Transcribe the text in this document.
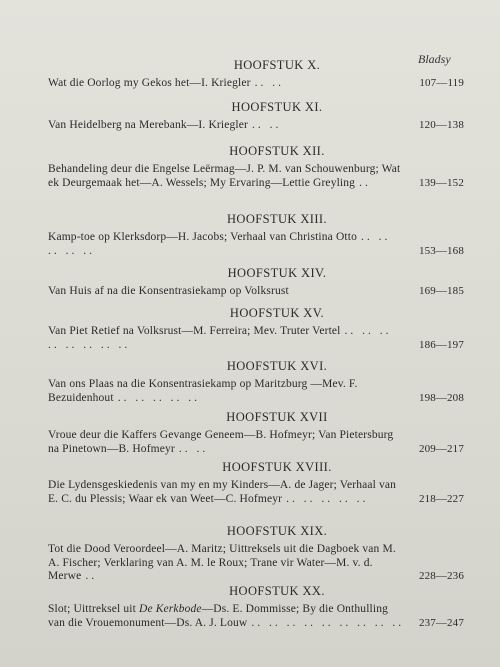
Bladsy
HOOFSTUK X.
Wat die Oorlog my Gekos het—I. Kriegler .. ..	107—119
HOOFSTUK XI.
Van Heidelberg na Merebank—I. Kriegler .. ..	120—138
HOOFSTUK XII.
Behandeling deur die Engelse Leërmag—J. P. M. van Schouwenburg; Wat ek Deurgemaak het—A. Wessels; My Ervaring—Lettie Greyling ..	139—152
HOOFSTUK XIII.
Kamp-toe op Klerksdorp—H. Jacobs; Verhaal van Christina Otto .. .. .. .. ..	153—168
HOOFSTUK XIV.
Van Huis af na die Konsentrasiekamp op Volksrust	169—185
HOOFSTUK XV.
Van Piet Retief na Volksrust—M. Ferreira; Mev. Truter Vertel .. .. .. .. .. .. .. ..	186—197
HOOFSTUK XVI.
Van ons Plaas na die Konsentrasiekamp op Maritzburg —Mev. F. Bezuidenhout .. .. .. .. ..	198—208
HOOFSTUK XVII
Vroue deur die Kaffers Gevange Geneem—B. Hofmeyr; Van Pietersburg na Pinetown—B. Hofmeyr .. ..	209—217
HOOFSTUK XVIII.
Die Lydensgeskiedenis van my en my Kinders—A. de Jager; Verhaal van E. C. du Plessis; Waar ek van Weet—C. Hofmeyr .. .. .. .. ..	218—227
HOOFSTUK XIX.
Tot die Dood Veroordeel—A. Maritz; Uittreksels uit die Dagboek van M. A. Fischer; Verklaring van A. M. le Roux; Trane vir Water—M. v. d. Merwe ..	228—236
HOOFSTUK XX.
Slot; Uittreksel uit De Kerkbode—Ds. E. Dommisse; By die Onthulling van die Vrouemonument—Ds. A. J. Louw .. .. .. .. .. .. .. .. .. 237—247
